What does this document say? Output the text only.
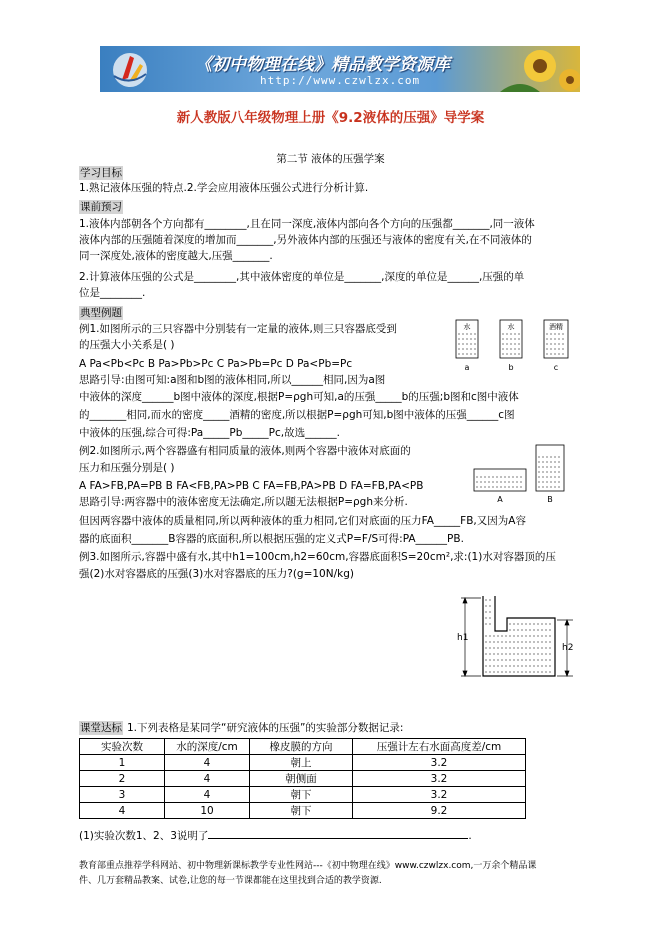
《初中物理在线》精品教学资源库
http://www.czwlzx.com
新人教版八年级物理上册《9.2液体的压强》导学案
第二节 液体的压强学案
学习目标
1.熟记液体压强的特点.2.学会应用液体压强公式进行分析计算.
课前预习
1.液体内部朝各个方向都有________,且在同一深度,液体内部向各个方向的压强都_______,同一液体
液体内部的压强随着深度的增加而_______,另外液体内部的压强还与液体的密度有关,在不同液体的
同一深度处,液体的密度越大,压强_______.
2.计算液体压强的公式是________,其中液体密度的单位是_______,深度的单位是______,压强的单
位是________.
典型例题
例1.如图所示的三只容器中分别装有一定量的液体,则三只容器底受到
的压强大小关系是( )
A Pa<Pb<Pc B Pa>Pb>Pc C Pa>Pb=Pc D Pa<Pb=Pc
思路引导:由图可知:a图和b图的液体相同,所以______相同,因为a图
中液体的深度______b图中液体的深度,根据P=ρgh可知,a的压强_____b的压强;b图和c图中液体
的_______相同,而水的密度_____酒精的密度,所以根据P=ρgh可知,b图中液体的压强______c图
中液体的压强,综合可得:Pa_____Pb_____Pc,故选______.
水	水	酒精
a	b	c
例2.如图所示,两个容器盛有相同质量的液体,则两个容器中液体对底面的
压力和压强分别是( )
A FA>FB,PA=PB B FA<FB,PA>PB C FA=FB,PA>PB D FA=FB,PA<PB
思路引导:两容器中的液体密度无法确定,所以题无法根据P=ρgh来分析.
但因两容器中液体的质量相同,所以两种液体的重力相同,它们对底面的压力FA_____FB,又因为A容
器的底面积_______B容器的底面积,所以根据压强的定义式P=F/S可得:PA______PB.
A	B
例3.如图所示,容器中盛有水,其中h1=100cm,h2=60cm,容器底面积S=20cm²,求:(1)水对容器顶的压
强(2)水对容器底的压强(3)水对容器底的压力?(g=10N/kg)
h1
h2
课堂达标 1.下列表格是某同学“研究液体的压强”的实验部分数据记录:
实验次数	水的深度/cm	橡皮膜的方向	压强计左右水面高度差/cm
1	4	朝上	3.2
2	4	朝侧面	3.2
3	4	朝下	3.2
4	10	朝下	9.2
(1)实验次数1、2、3说明了	.
教育部重点推荐学科网站、初中物理新课标教学专业性网站---《初中物理在线》www.czwlzx.com,一万余个精品课
件、几万套精品教案、试卷,让您的每一节课都能在这里找到合适的教学资源.
